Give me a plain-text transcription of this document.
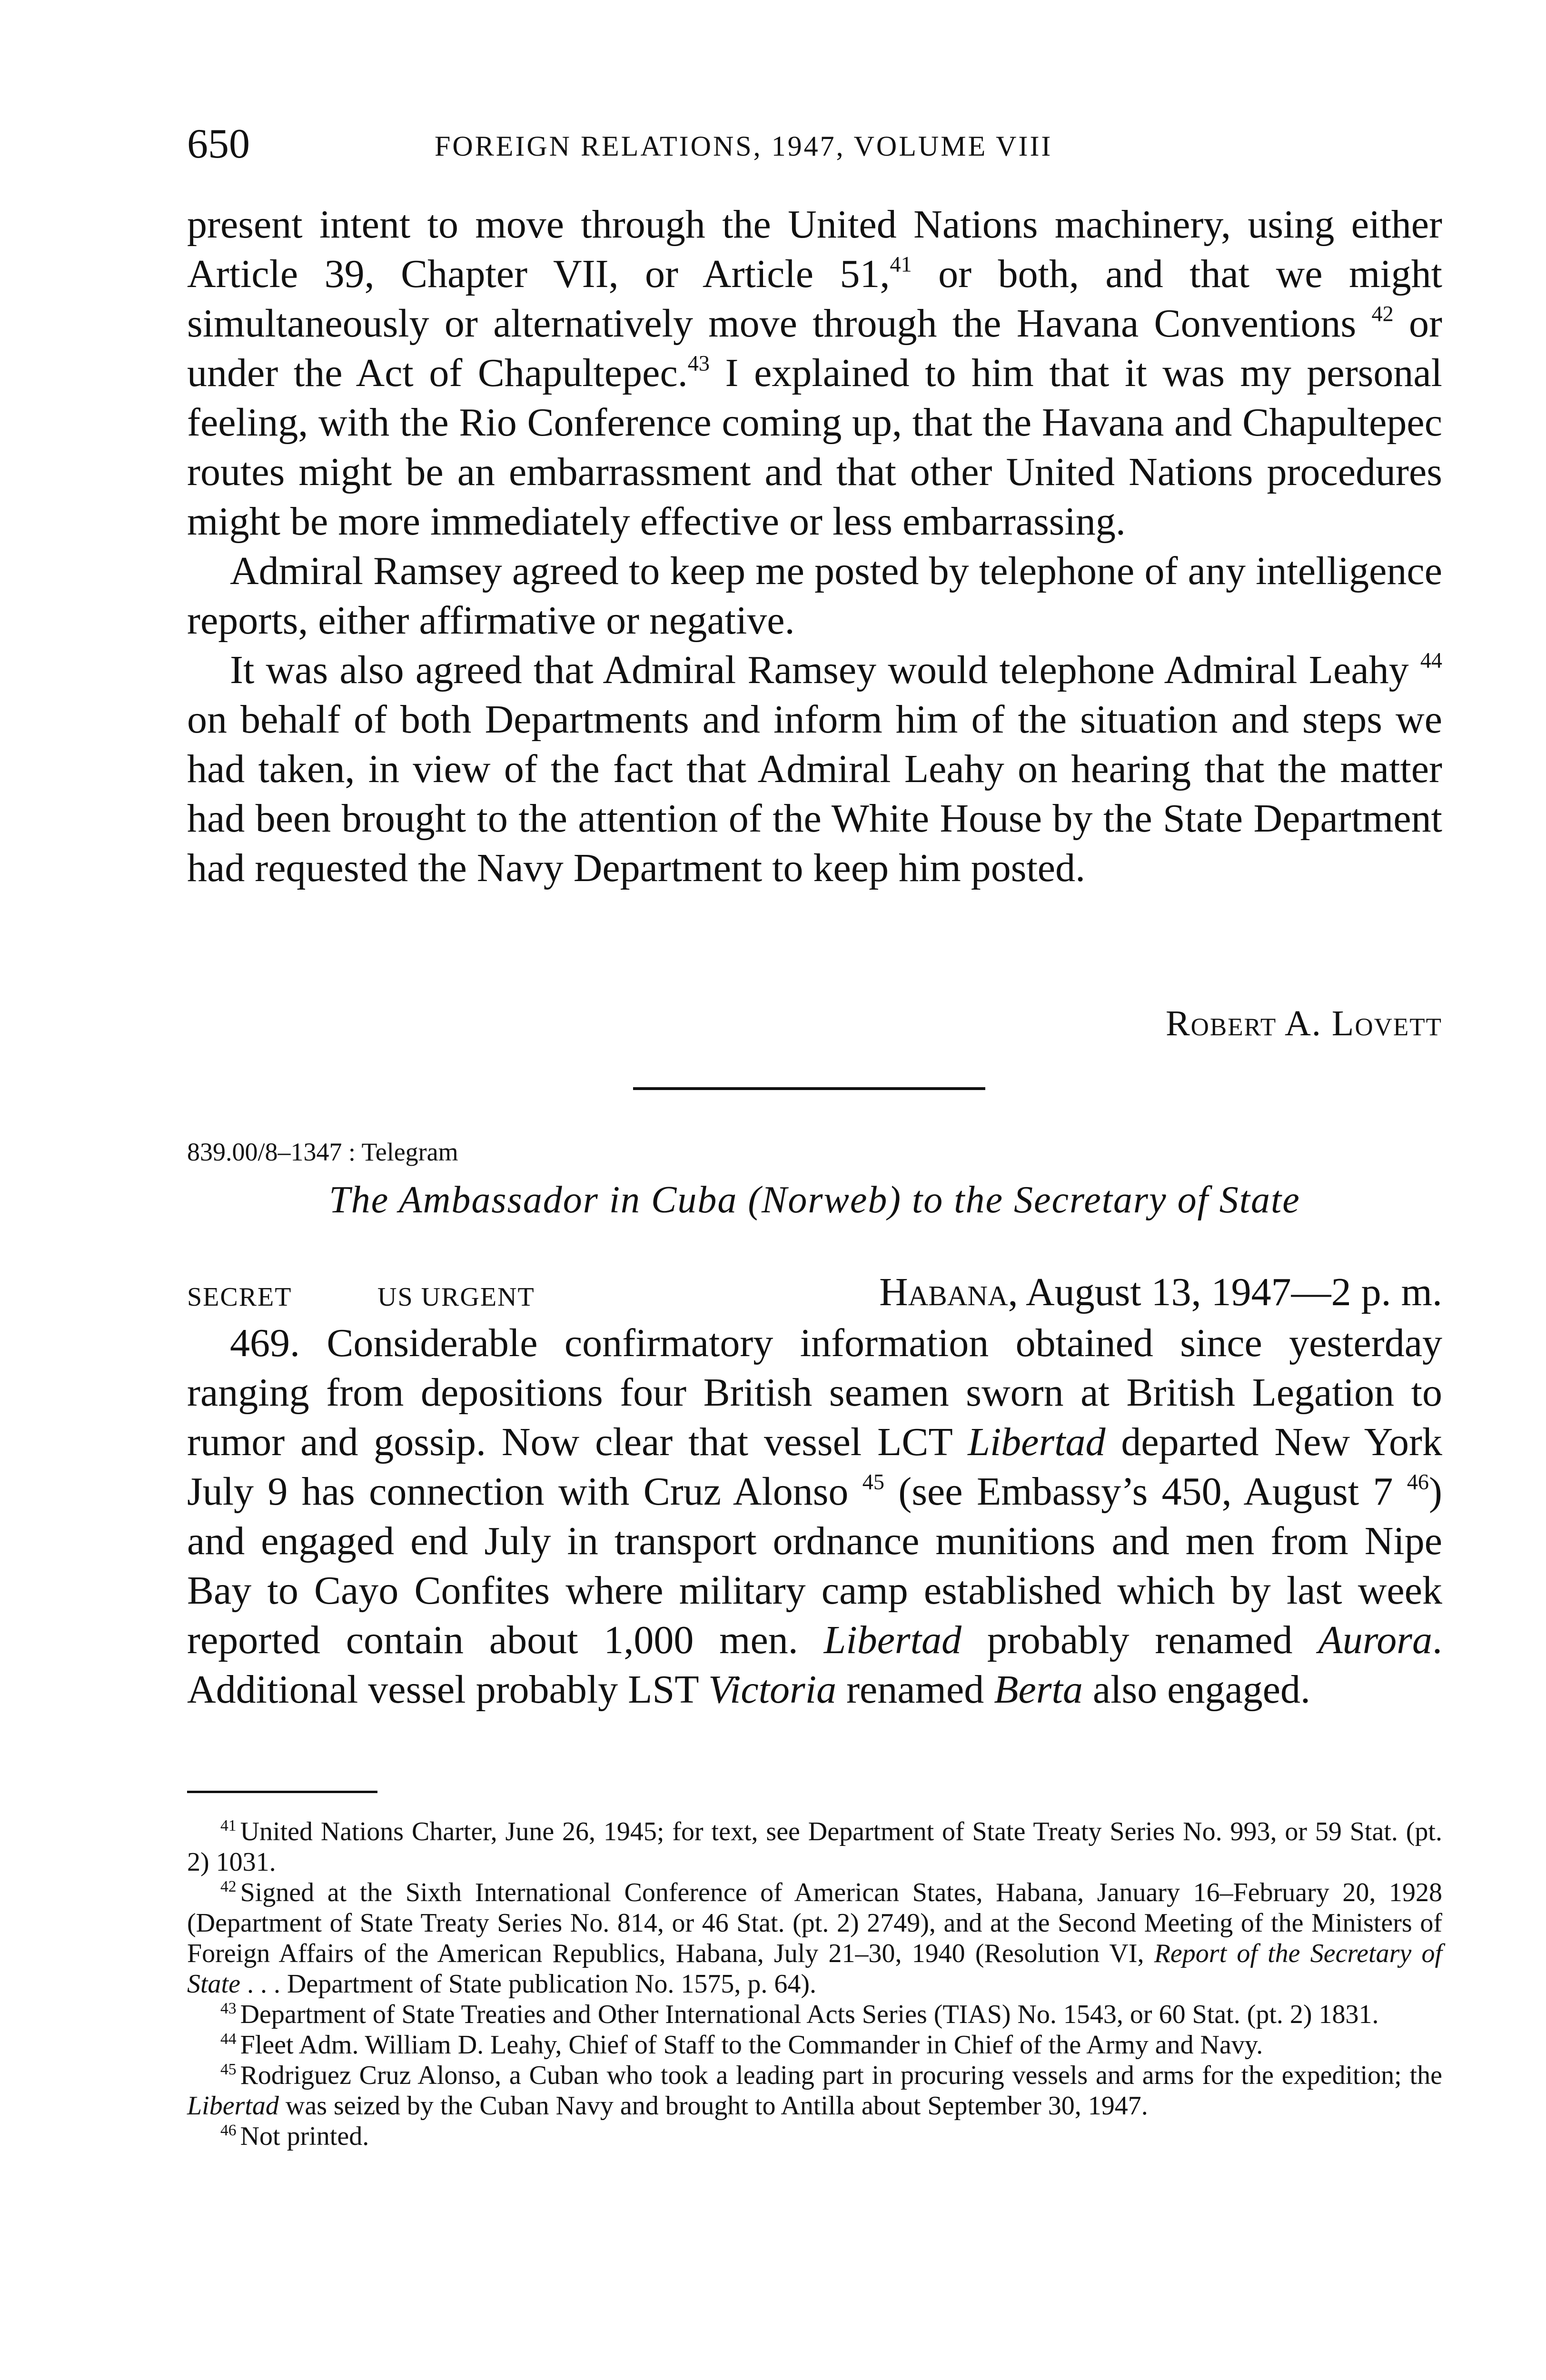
650	FOREIGN RELATIONS, 1947, VOLUME VIII

present intent to move through the United Nations machinery, using either Article 39, Chapter VII, or Article 51,41 or both, and that we might simultaneously or alternatively move through the Havana Conventions $^{42}$ or under the Act of Chapultepec.$^{43}$ I explained to him that it was my personal feeling, with the Rio Conference coming up, that the Havana and Chapultepec routes might be an embarrassment and that other United Nations procedures might be more immediately effective or less embarrassing.

Admiral Ramsey agreed to keep me posted by telephone of any intelligence reports, either affirmative or negative.

It was also agreed that Admiral Ramsey would telephone Admiral Leahy $^{44}$ on behalf of both Departments and inform him of the situation and steps we had taken, in view of the fact that Admiral Leahy on hearing that the matter had been brought to the attention of the White House by the State Department had requested the Navy Department to keep him posted.

Robert A. Lovett
839.00/8–1347 : Telegram
The Ambassador in Cuba (Norweb) to the Secretary of State
SECRET	US URGENT	Habana, August 13, 1947—2 p. m.

469. Considerable confirmatory information obtained since yesterday ranging from depositions four British seamen sworn at British Legation to rumor and gossip. Now clear that vessel LCT Libertad departed New York July 9 has connection with Cruz Alonso $^{45}$ (see Embassy’s 450, August 7 $^{46}$) and engaged end July in transport ordnance munitions and men from Nipe Bay to Cayo Confites where military camp established which by last week reported contain about 1,000 men. Libertad probably renamed Aurora. Additional vessel probably LST Victoria renamed Berta also engaged.

$^{41}$ United Nations Charter, June 26, 1945; for text, see Department of State Treaty Series No. 993, or 59 Stat. (pt. 2) 1031.

$^{42}$ Signed at the Sixth International Conference of American States, Habana, January 16–February 20, 1928 (Department of State Treaty Series No. 814, or 46 Stat. (pt. 2) 2749), and at the Second Meeting of the Ministers of Foreign Affairs of the American Republics, Habana, July 21–30, 1940 (Resolution VI, Report of the Secretary of State . . . Department of State publication No. 1575, p. 64).

$^{43}$ Department of State Treaties and Other International Acts Series (TIAS) No. 1543, or 60 Stat. (pt. 2) 1831.

$^{44}$ Fleet Adm. William D. Leahy, Chief of Staff to the Commander in Chief of the Army and Navy.

$^{45}$ Rodriguez Cruz Alonso, a Cuban who took a leading part in procuring vessels and arms for the expedition; the Libertad was seized by the Cuban Navy and brought to Antilla about September 30, 1947.

$^{46}$ Not printed.
